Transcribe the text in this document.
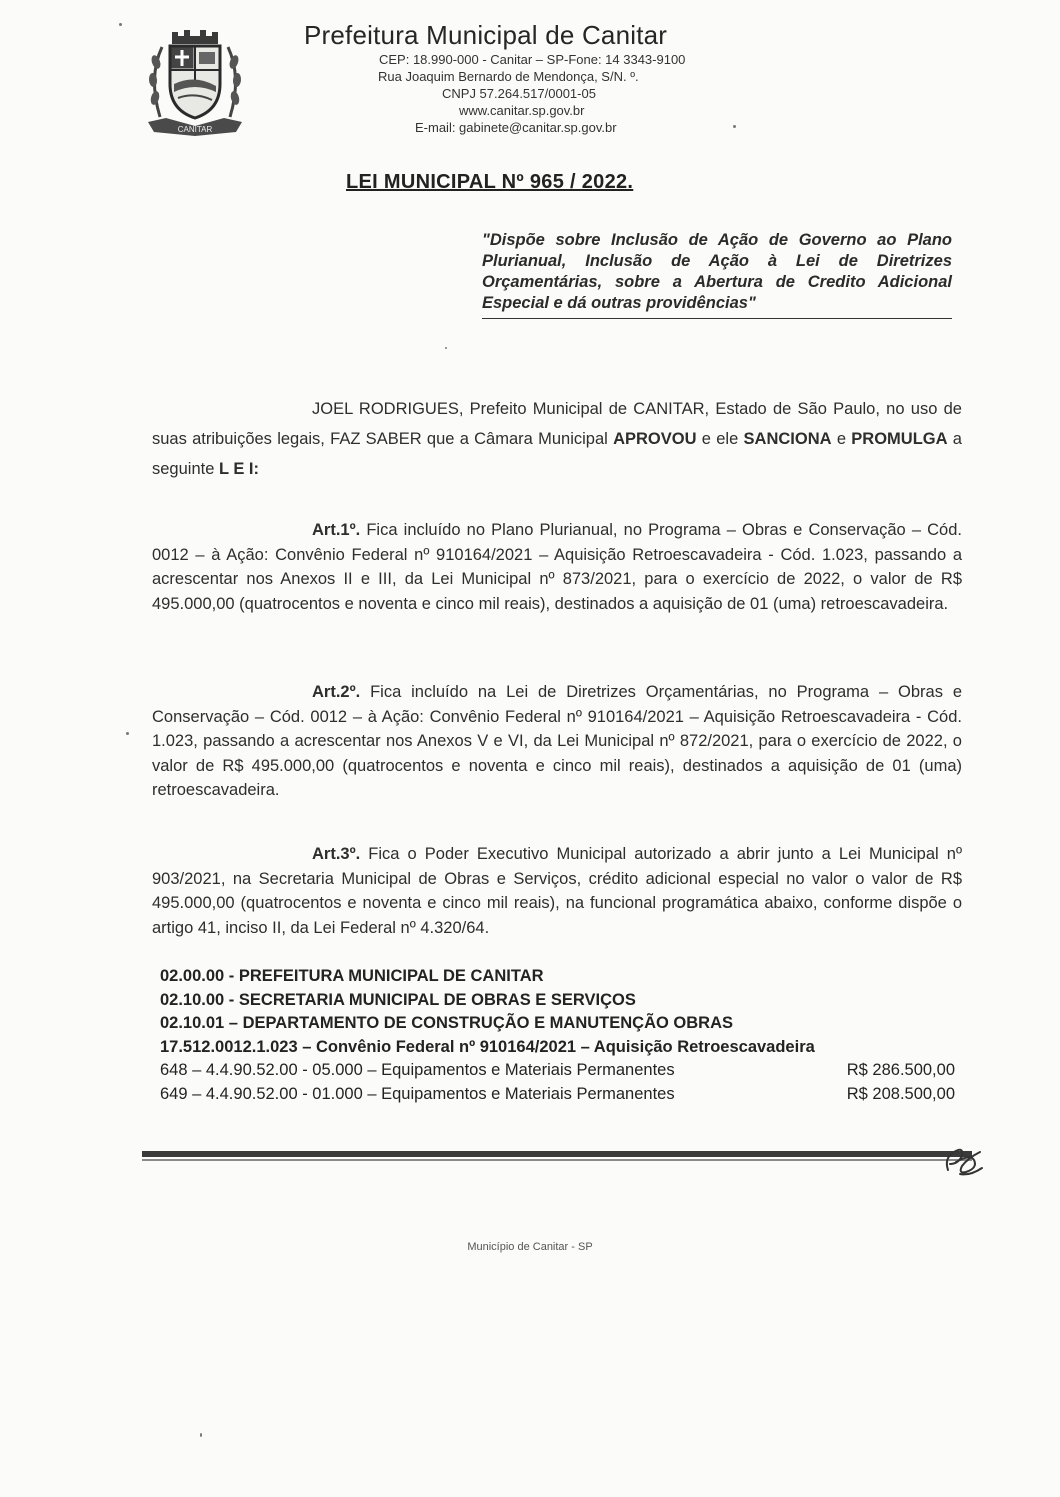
CANITAR
Prefeitura Municipal de Canitar
CEP: 18.990-000 - Canitar – SP-Fone: 14 3343-9100
Rua Joaquim Bernardo de Mendonça, S/N. º.
CNPJ 57.264.517/0001-05
www.canitar.sp.gov.br
E-mail: gabinete@canitar.sp.gov.br
LEI MUNICIPAL Nº 965 / 2022.
"Dispõe sobre Inclusão de Ação de Governo ao Plano Plurianual, Inclusão de Ação à Lei de Diretrizes Orçamentárias, sobre a Abertura de Credito Adicional Especial e dá outras providências"
JOEL RODRIGUES, Prefeito Municipal de CANITAR, Estado de São Paulo, no uso de suas atribuições legais, FAZ SABER que a Câmara Municipal APROVOU e ele SANCIONA e PROMULGA a seguinte L E I:
Art.1º. Fica incluído no Plano Plurianual, no Programa – Obras e Conservação – Cód. 0012 – à Ação: Convênio Federal nº 910164/2021 – Aquisição Retroescavadeira - Cód. 1.023, passando a acrescentar nos Anexos II e III, da Lei Municipal nº 873/2021, para o exercício de 2022, o valor de R$ 495.000,00 (quatrocentos e noventa e cinco mil reais), destinados a aquisição de 01 (uma) retroescavadeira.
Art.2º. Fica incluído na Lei de Diretrizes Orçamentárias, no Programa – Obras e Conservação – Cód. 0012 – à Ação: Convênio Federal nº 910164/2021 – Aquisição Retroescavadeira - Cód. 1.023, passando a acrescentar nos Anexos V e VI, da Lei Municipal nº 872/2021, para o exercício de 2022, o valor de R$ 495.000,00 (quatrocentos e noventa e cinco mil reais), destinados a aquisição de 01 (uma) retroescavadeira.
Art.3º. Fica o Poder Executivo Municipal autorizado a abrir junto a Lei Municipal nº 903/2021, na Secretaria Municipal de Obras e Serviços, crédito adicional especial no valor o valor de R$ 495.000,00 (quatrocentos e noventa e cinco mil reais), na funcional programática abaixo, conforme dispõe o artigo 41, inciso II, da Lei Federal nº 4.320/64.
02.00.00 - PREFEITURA MUNICIPAL DE CANITAR
02.10.00 - SECRETARIA MUNICIPAL DE OBRAS E SERVIÇOS
02.10.01 – DEPARTAMENTO DE CONSTRUÇÃO E MANUTENÇÃO OBRAS
17.512.0012.1.023 – Convênio Federal nº 910164/2021 – Aquisição Retroescavadeira
648 – 4.4.90.52.00 - 05.000 – Equipamentos e Materiais Permanentes	R$ 286.500,00
649 – 4.4.90.52.00 - 01.000 – Equipamentos e Materiais Permanentes	R$ 208.500,00
Município de Canitar - SP
